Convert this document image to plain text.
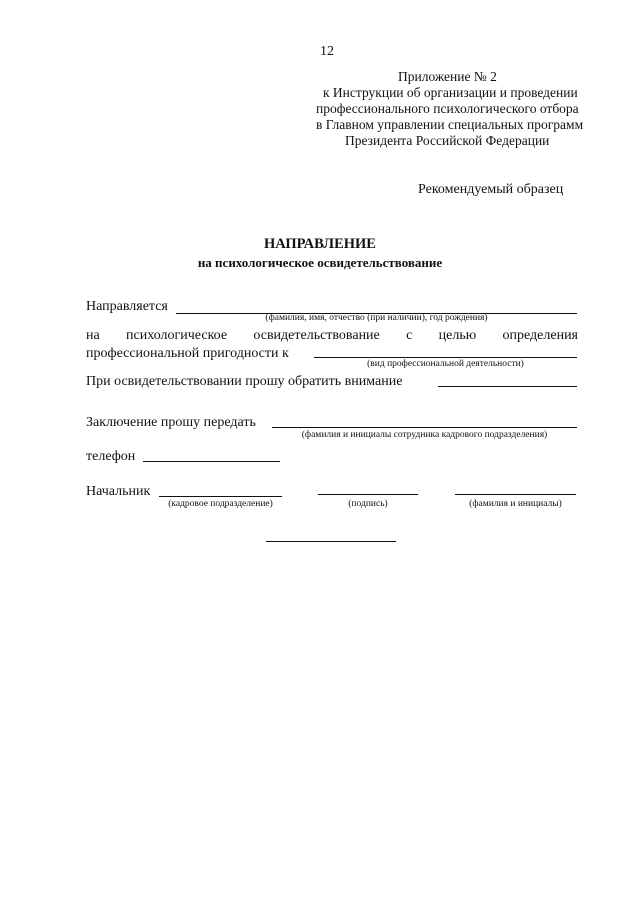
12
Приложение № 2
к Инструкции об организации и проведении
профессионального психологического отбора
в Главном управлении специальных программ
Президента Российской Федерации
Рекомендуемый образец
НАПРАВЛЕНИЕ
на психологическое освидетельствование
Направляется
(фамилия, имя, отчество (при наличии), год рождения)
на психологическое освидетельствование с целью определения
профессиональной пригодности к
(вид профессиональной деятельности)
При освидетельствовании прошу обратить внимание
Заключение прошу передать
(фамилия и инициалы сотрудника кадрового подразделения)
телефон
Начальник
(кадровое подразделение)	(подпись)	(фамилия и инициалы)
